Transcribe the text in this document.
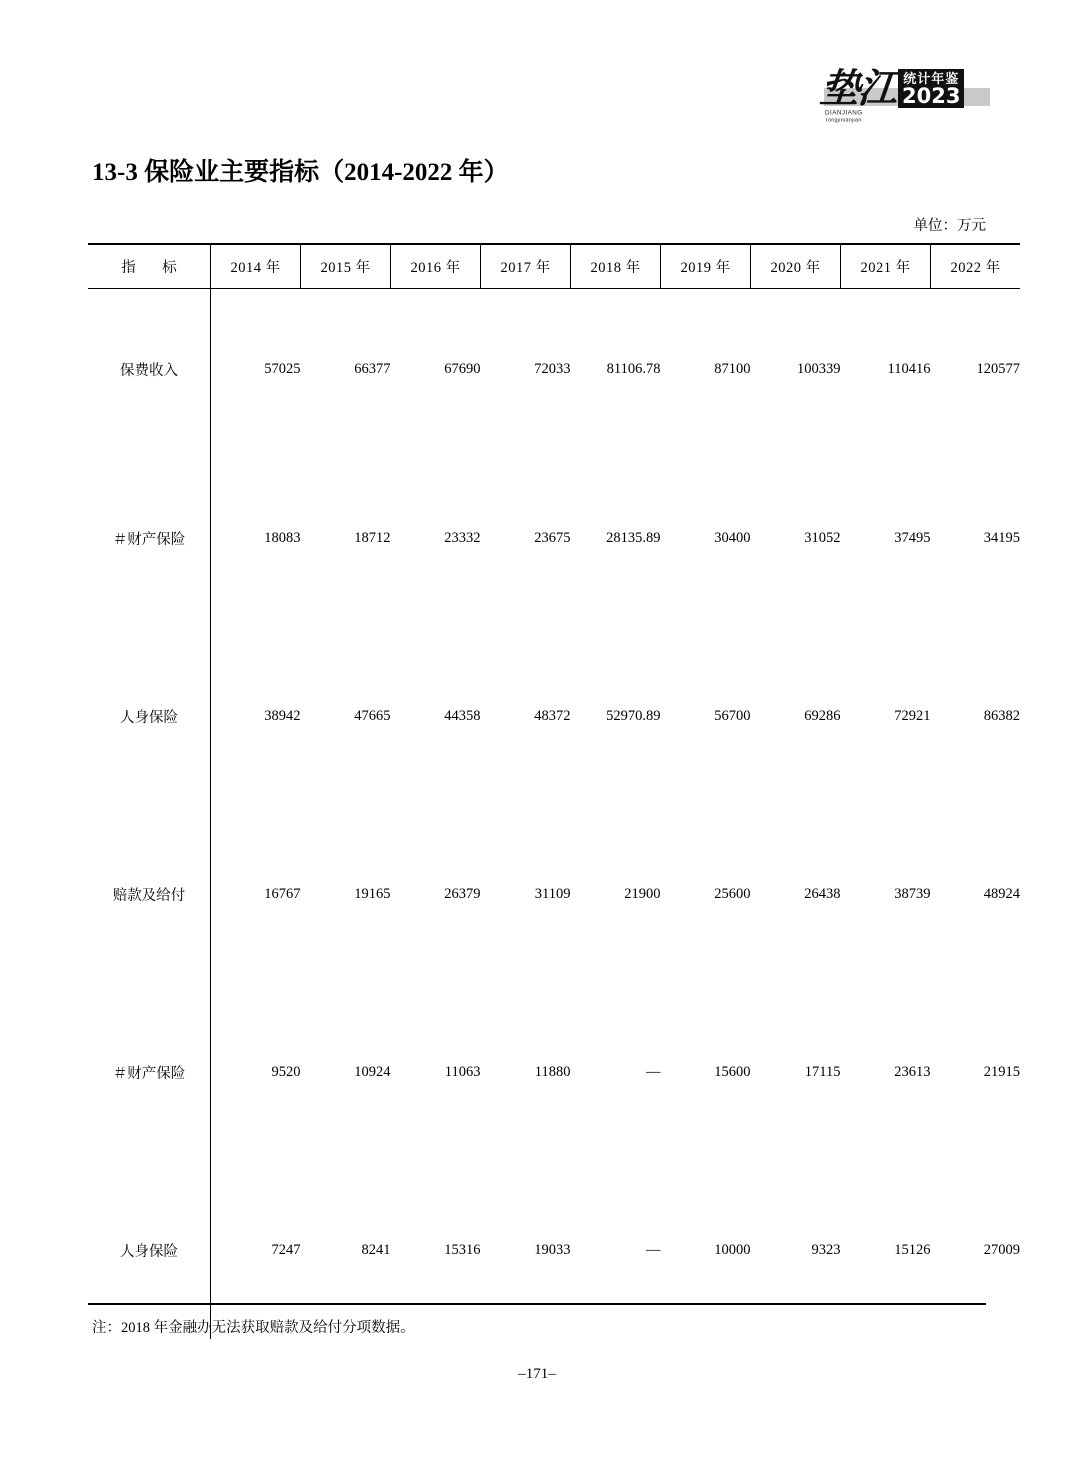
垫江
DIANJIANG
Tongjinianjian
统计年鉴
2023
13-3 保险业主要指标（2014-2022 年）
单位：万元
指　标	2014 年	2015 年	2016 年	2017 年	2018 年	2019 年	2020 年	2021 年	2022 年
保费收入	57025	66377	67690	72033	81106.78	87100	100339	110416	120577
＃财产保险	18083	18712	23332	23675	28135.89	30400	31052	37495	34195
人身保险	38942	47665	44358	48372	52970.89	56700	69286	72921	86382
赔款及给付	16767	19165	26379	31109	21900	25600	26438	38739	48924
＃财产保险	9520	10924	11063	11880	—	15600	17115	23613	21915
人身保险	7247	8241	15316	19033	—	10000	9323	15126	27009
注：2018 年金融办无法获取赔款及给付分项数据。
–171–
